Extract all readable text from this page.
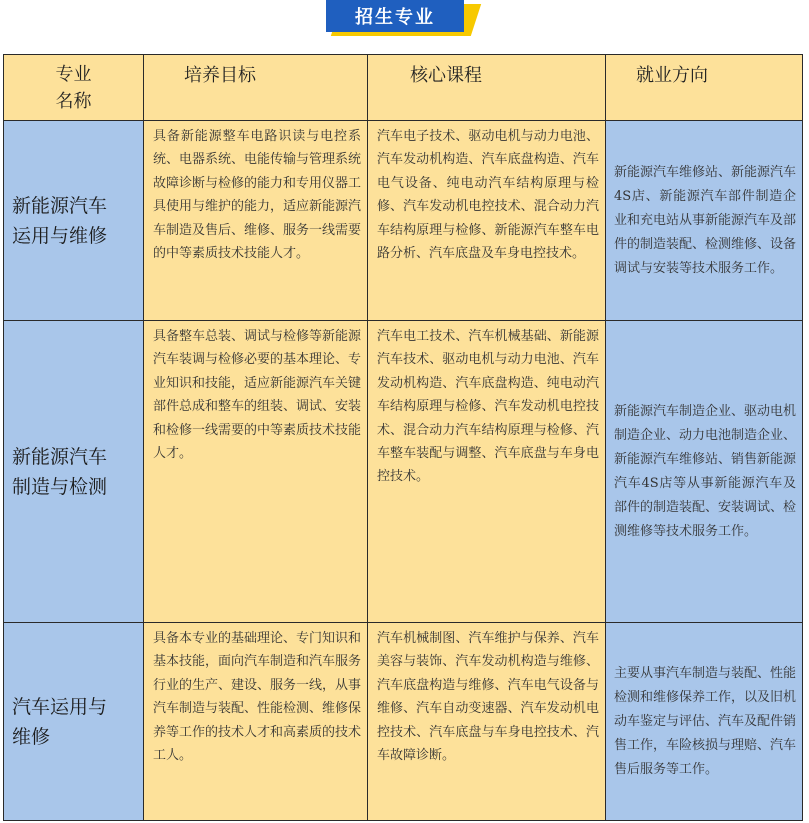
招生专业
专业
名称	培养目标	核心课程	就业方向
新能源汽车
运用与维修	具备新能源整车电路识读与电控系统、电器系统、电能传输与管理系统故障诊断与检修的能力和专用仪器工具使用与维护的能力，适应新能源汽车制造及售后、维修、服务一线需要的中等素质技术技能人才。	汽车电子技术、驱动电机与动力电池、汽车发动机构造、汽车底盘构造、汽车电气设备、纯电动汽车结构原理与检修、汽车发动机电控技术、混合动力汽车结构原理与检修、新能源汽车整车电路分析、汽车底盘及车身电控技术。	新能源汽车维修站、新能源汽车4S店、新能源汽车部件制造企业和充电站从事新能源汽车及部件的制造装配、检测维修、设备调试与安装等技术服务工作。
新能源汽车
制造与检测	具备整车总装、调试与检修等新能源汽车装调与检修必要的基本理论、专业知识和技能，适应新能源汽车关键部件总成和整车的组装、调试、安装和检修一线需要的中等素质技术技能人才。	汽车电工技术、汽车机械基础、新能源汽车技术、驱动电机与动力电池、汽车发动机构造、汽车底盘构造、纯电动汽车结构原理与检修、汽车发动机电控技术、混合动力汽车结构原理与检修、汽车整车装配与调整、汽车底盘与车身电控技术。	新能源汽车制造企业、驱动电机制造企业、动力电池制造企业、新能源汽车维修站、销售新能源汽车4S店等从事新能源汽车及部件的制造装配、安装调试、检测维修等技术服务工作。
汽车运用与
维修	具备本专业的基础理论、专门知识和基本技能，面向汽车制造和汽车服务行业的生产、建设、服务一线，从事汽车制造与装配、性能检测、维修保养等工作的技术人才和高素质的技术工人。	汽车机械制图、汽车维护与保养、汽车美容与装饰、汽车发动机构造与维修、汽车底盘构造与维修、汽车电气设备与维修、汽车自动变速器、汽车发动机电控技术、汽车底盘与车身电控技术、汽车故障诊断。	主要从事汽车制造与装配、性能检测和维修保养工作，以及旧机动车鉴定与评估、汽车及配件销售工作，车险核损与理赔、汽车售后服务等工作。
